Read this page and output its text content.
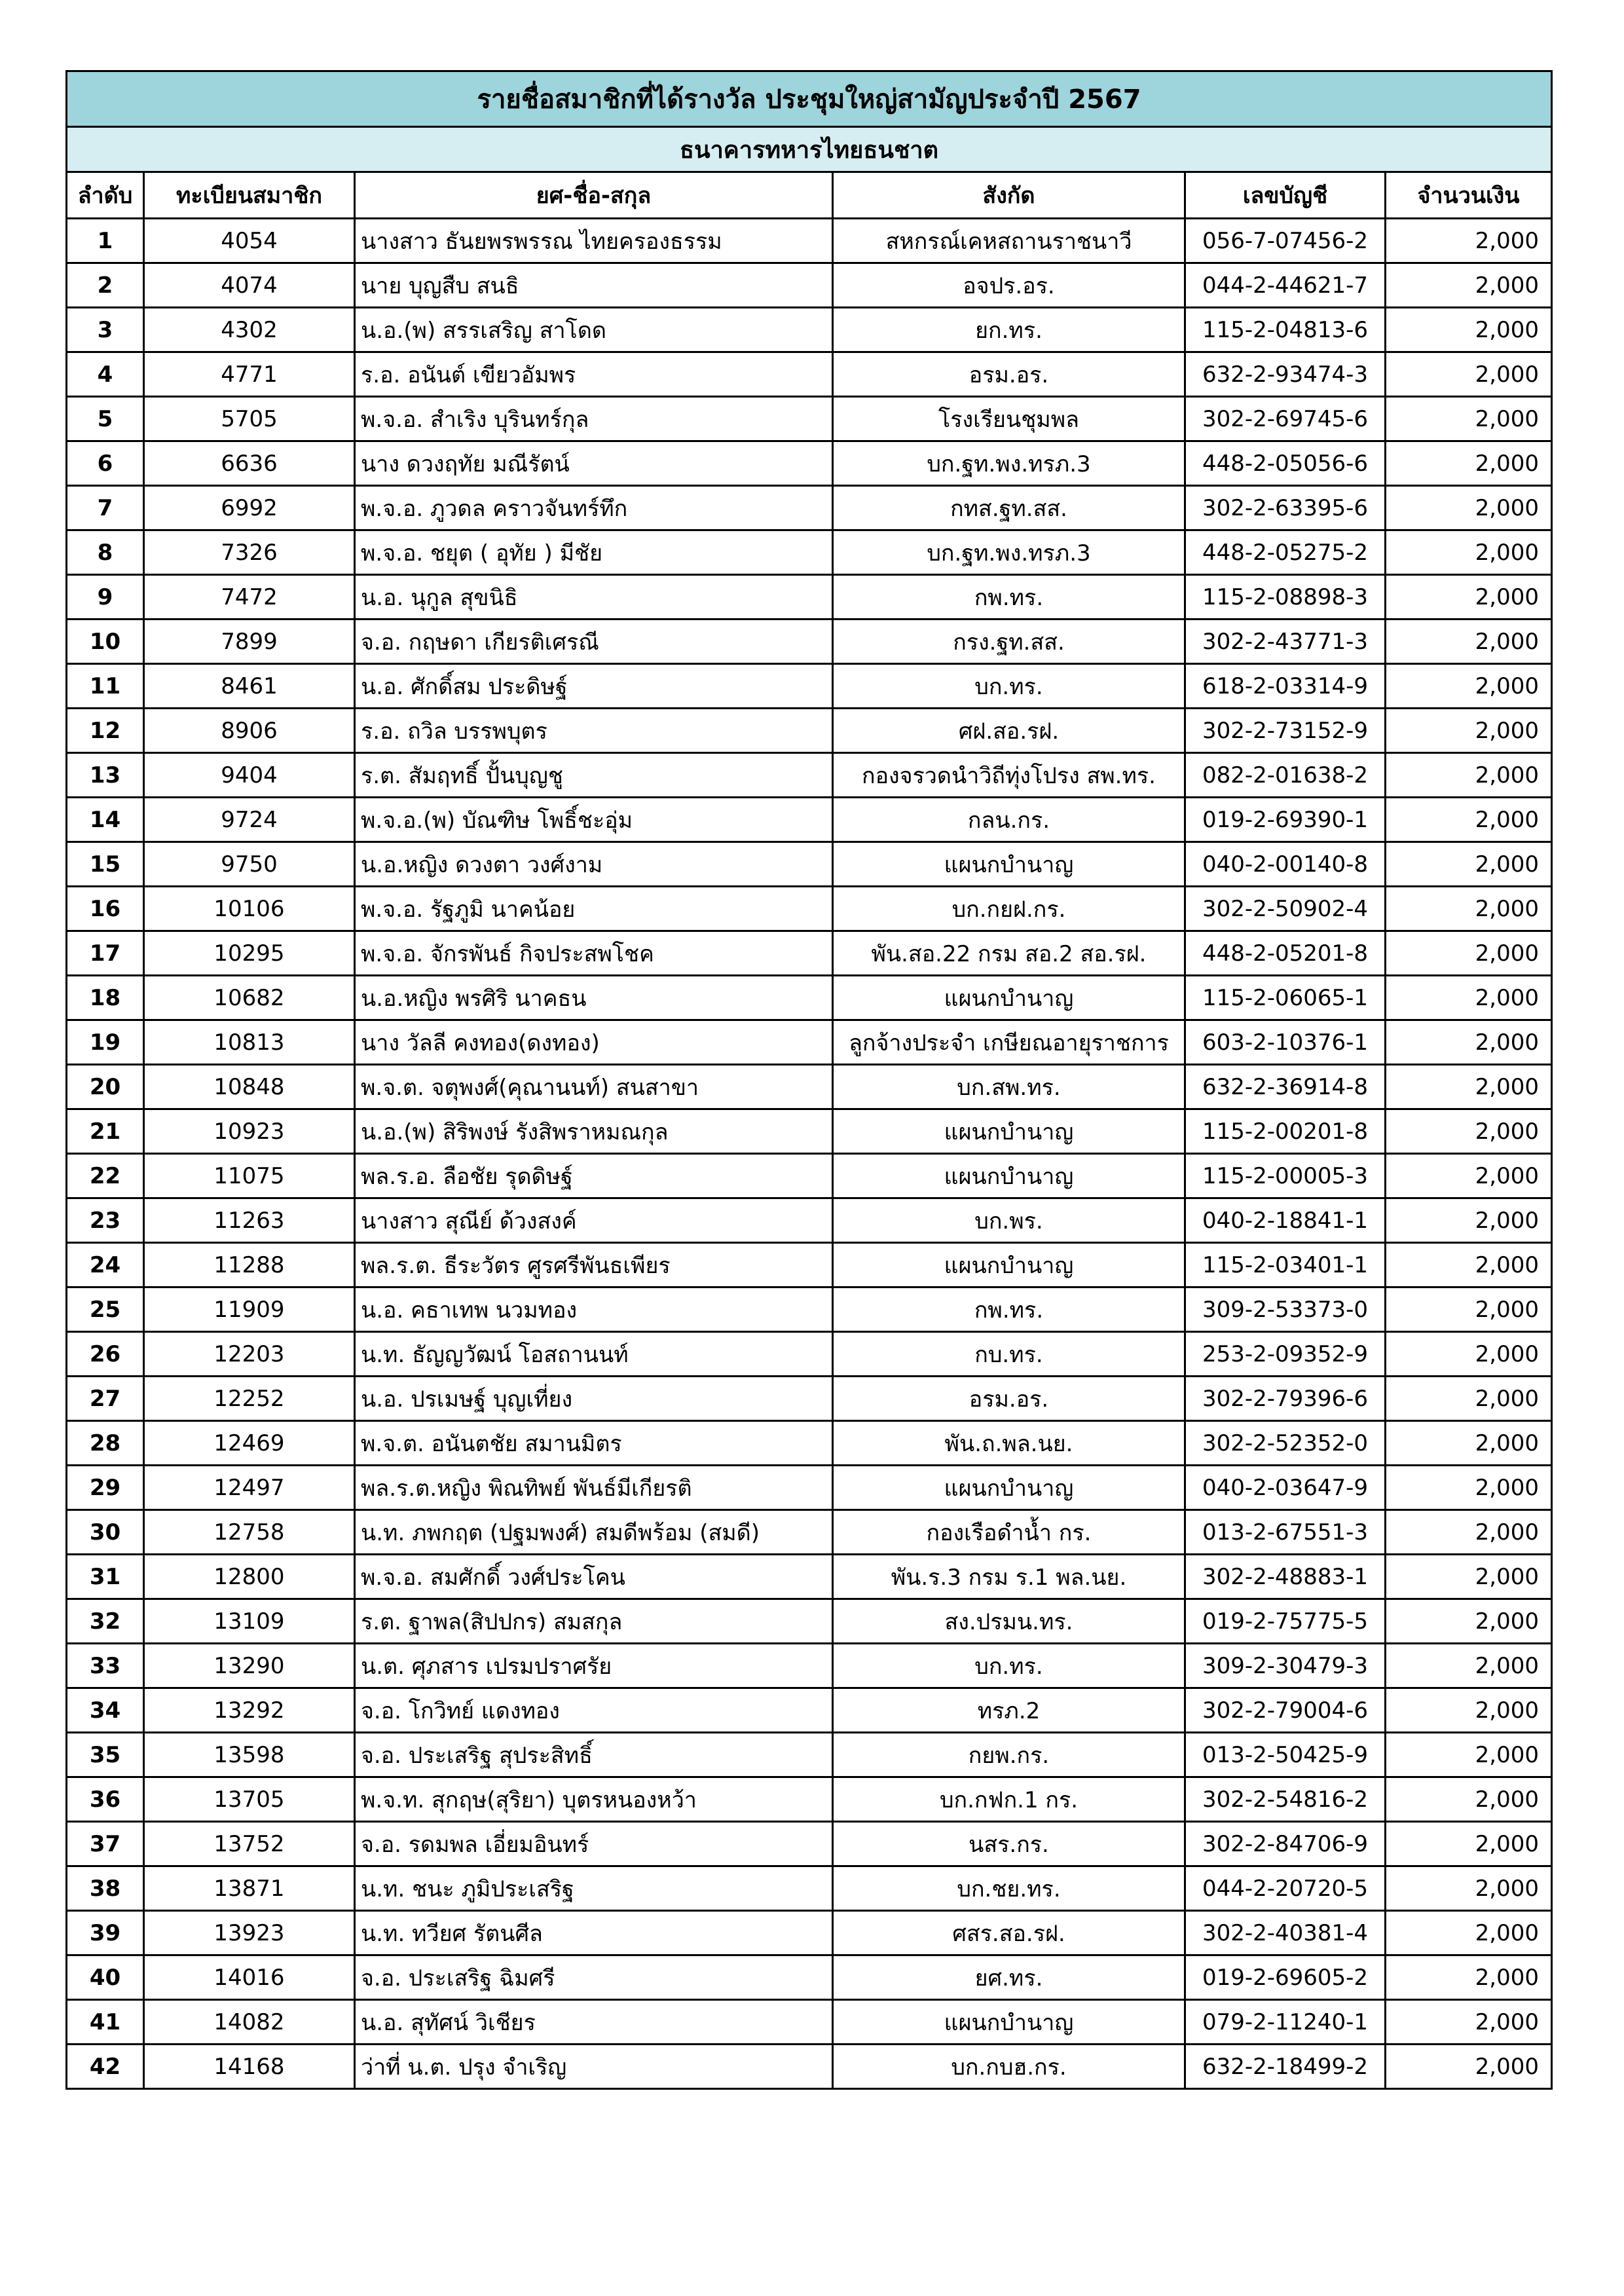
รายชื่อสมาชิกที่ได้รางวัล ประชุมใหญ่สามัญประจำปี 2567					
ธนาคารทหารไทยธนชาต					
ลำดับ	ทะเบียนสมาชิก	ยศ-ชื่อ-สกุล	สังกัด	เลขบัญชี	จำนวนเงิน
1	4054	นางสาว ธันยพรพรรณ ไทยครองธรรม	สหกรณ์เคหสถานราชนาวี	056-7-07456-2	2,000
2	4074	นาย บุญสืบ สนธิ	อจปร.อร.	044-2-44621-7	2,000
3	4302	น.อ.(พ) สรรเสริญ สาโดด	ยก.ทร.	115-2-04813-6	2,000
4	4771	ร.อ. อนันต์ เขียวอัมพร	อรม.อร.	632-2-93474-3	2,000
5	5705	พ.จ.อ. สำเริง บุรินทร์กุล	โรงเรียนชุมพล	302-2-69745-6	2,000
6	6636	นาง ดวงฤทัย มณีรัตน์	บก.ฐท.พง.ทรภ.3	448-2-05056-6	2,000
7	6992	พ.จ.อ. ภูวดล คราวจันทร์ทึก	กทส.ฐท.สส.	302-2-63395-6	2,000
8	7326	พ.จ.อ. ชยุต ( อุทัย ) มีชัย	บก.ฐท.พง.ทรภ.3	448-2-05275-2	2,000
9	7472	น.อ. นุกูล สุขนิธิ	กพ.ทร.	115-2-08898-3	2,000
10	7899	จ.อ. กฤษดา เกียรติเศรณี	กรง.ฐท.สส.	302-2-43771-3	2,000
11	8461	น.อ. ศักดิ์สม ประดิษฐ์	บก.ทร.	618-2-03314-9	2,000
12	8906	ร.อ. ถวิล บรรพบุตร	ศฝ.สอ.รฝ.	302-2-73152-9	2,000
13	9404	ร.ต. สัมฤทธิ์ ปั้นบุญชู	กองจรวดนำวิถีทุ่งโปรง สพ.ทร.	082-2-01638-2	2,000
14	9724	พ.จ.อ.(พ) บัณฑิษ โพธิ์ชะอุ่ม	กลน.กร.	019-2-69390-1	2,000
15	9750	น.อ.หญิง ดวงตา วงศ์งาม	แผนกบำนาญ	040-2-00140-8	2,000
16	10106	พ.จ.อ. รัฐภูมิ นาคน้อย	บก.กยฝ.กร.	302-2-50902-4	2,000
17	10295	พ.จ.อ. จักรพันธ์ กิจประสพโชค	พัน.สอ.22 กรม สอ.2 สอ.รฝ.	448-2-05201-8	2,000
18	10682	น.อ.หญิง พรศิริ นาคธน	แผนกบำนาญ	115-2-06065-1	2,000
19	10813	นาง วัลลี คงทอง(ดงทอง)	ลูกจ้างประจำ เกษียณอายุราชการ	603-2-10376-1	2,000
20	10848	พ.จ.ต. จตุพงศ์(คุณานนท์) สนสาขา	บก.สพ.ทร.	632-2-36914-8	2,000
21	10923	น.อ.(พ) สิริพงษ์ รังสิพราหมณกุล	แผนกบำนาญ	115-2-00201-8	2,000
22	11075	พล.ร.อ. ลือชัย รุดดิษฐ์	แผนกบำนาญ	115-2-00005-3	2,000
23	11263	นางสาว สุณีย์ ด้วงสงค์	บก.พร.	040-2-18841-1	2,000
24	11288	พล.ร.ต. ธีระวัตร ศูรศรีพันธเพียร	แผนกบำนาญ	115-2-03401-1	2,000
25	11909	น.อ. คธาเทพ นวมทอง	กพ.ทร.	309-2-53373-0	2,000
26	12203	น.ท. ธัญญวัฒน์ โอสถานนท์	กบ.ทร.	253-2-09352-9	2,000
27	12252	น.อ. ปรเมษฐ์ บุญเที่ยง	อรม.อร.	302-2-79396-6	2,000
28	12469	พ.จ.ต. อนันตชัย สมานมิตร	พัน.ถ.พล.นย.	302-2-52352-0	2,000
29	12497	พล.ร.ต.หญิง พิณทิพย์ พันธ์มีเกียรติ	แผนกบำนาญ	040-2-03647-9	2,000
30	12758	น.ท. ภพกฤต (ปฐมพงศ์) สมดีพร้อม (สมดี)	กองเรือดำน้ำ กร.	013-2-67551-3	2,000
31	12800	พ.จ.อ. สมศักดิ์ วงศ์ประโคน	พัน.ร.3 กรม ร.1 พล.นย.	302-2-48883-1	2,000
32	13109	ร.ต. ฐาพล(สิปปกร) สมสกุล	สง.ปรมน.ทร.	019-2-75775-5	2,000
33	13290	น.ต. ศุภสาร เปรมปราศรัย	บก.ทร.	309-2-30479-3	2,000
34	13292	จ.อ. โกวิทย์ แดงทอง	ทรภ.2	302-2-79004-6	2,000
35	13598	จ.อ. ประเสริฐ สุประสิทธิ์	กยพ.กร.	013-2-50425-9	2,000
36	13705	พ.จ.ท. สุกฤษ(สุริยา) บุตรหนองหว้า	บก.กฟก.1 กร.	302-2-54816-2	2,000
37	13752	จ.อ. รดมพล เอี่ยมอินทร์	นสร.กร.	302-2-84706-9	2,000
38	13871	น.ท. ชนะ ภูมิประเสริฐ	บก.ชย.ทร.	044-2-20720-5	2,000
39	13923	น.ท. ทวียศ รัตนศีล	ศสร.สอ.รฝ.	302-2-40381-4	2,000
40	14016	จ.อ. ประเสริฐ ฉิมศรี	ยศ.ทร.	019-2-69605-2	2,000
41	14082	น.อ. สุทัศน์ วิเชียร	แผนกบำนาญ	079-2-11240-1	2,000
42	14168	ว่าที่ น.ต. ปรุง จำเริญ	บก.กบฮ.กร.	632-2-18499-2	2,000
